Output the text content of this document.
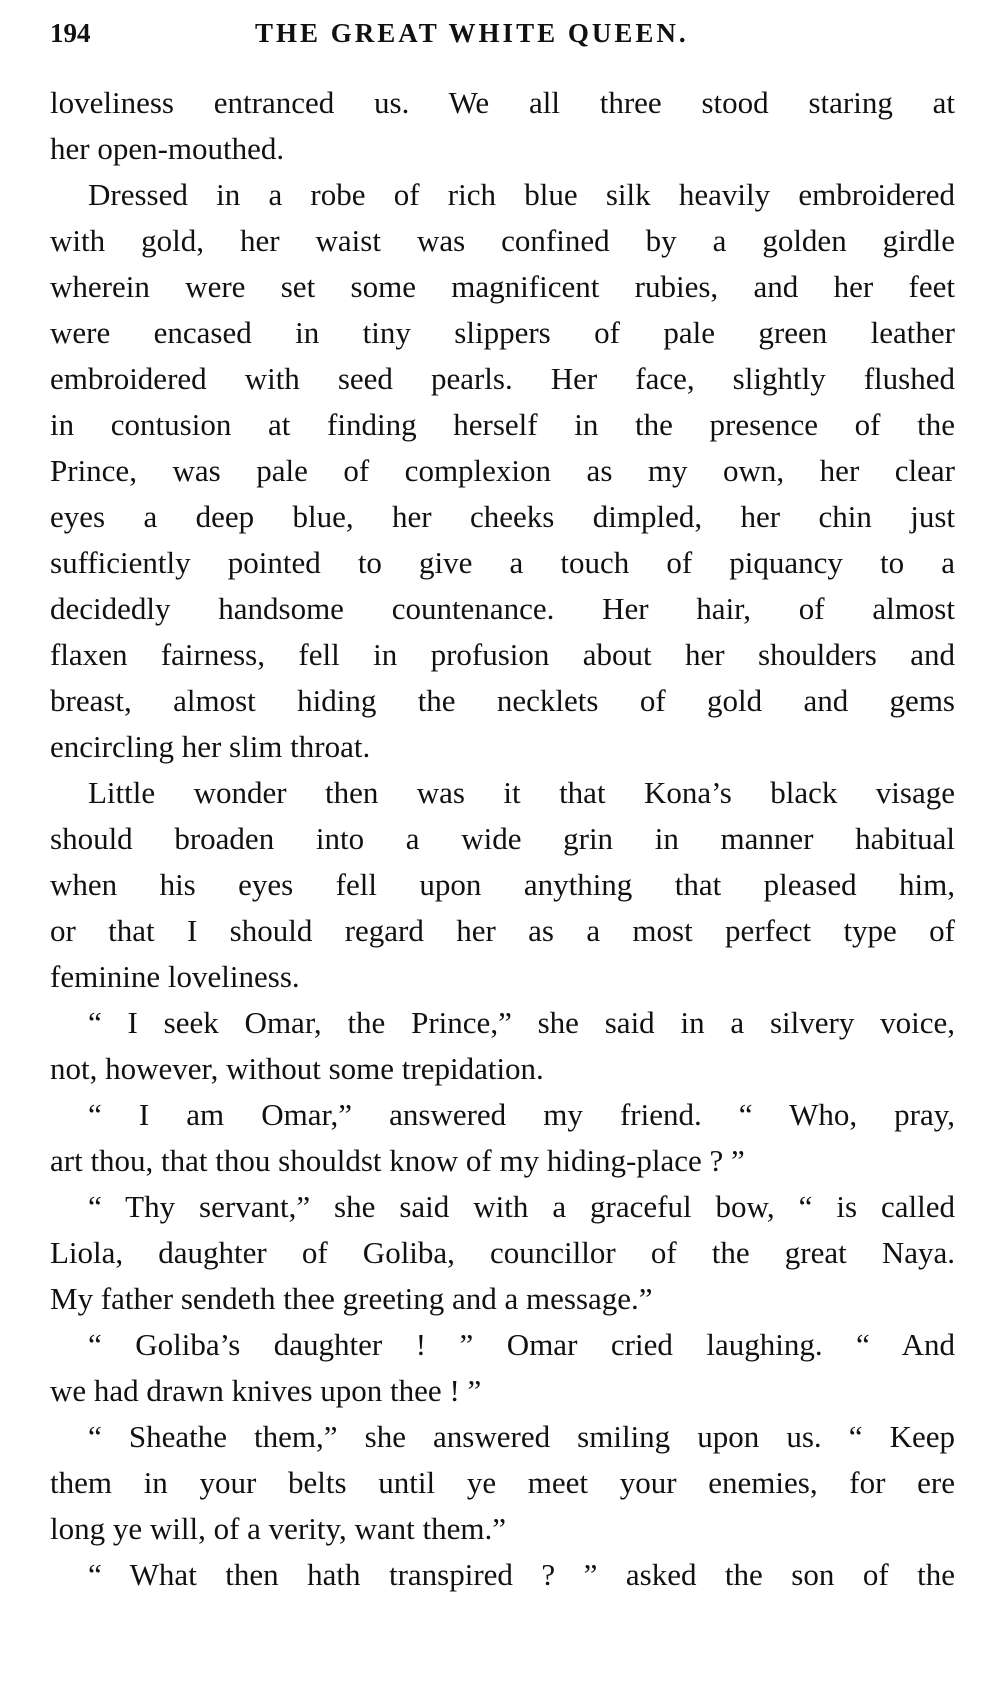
194	THE GREAT WHITE QUEEN.
loveliness entranced us. We all three stood staring at
her open-mouthed.
Dressed in a robe of rich blue silk heavily embroidered
with gold, her waist was confined by a golden girdle
wherein were set some magnificent rubies, and her feet
were encased in tiny slippers of pale green leather
embroidered with seed pearls. Her face, slightly flushed
in contusion at finding herself in the presence of the
Prince, was pale of complexion as my own, her clear
eyes a deep blue, her cheeks dimpled, her chin just
sufficiently pointed to give a touch of piquancy to a
decidedly handsome countenance. Her hair, of almost
flaxen fairness, fell in profusion about her shoulders and
breast, almost hiding the necklets of gold and gems
encircling her slim throat.
Little wonder then was it that Kona’s black visage
should broaden into a wide grin in manner habitual
when his eyes fell upon anything that pleased him,
or that I should regard her as a most perfect type of
feminine loveliness.
“ I seek Omar, the Prince,” she said in a silvery voice,
not, however, without some trepidation.
“ I am Omar,” answered my friend. “ Who, pray,
art thou, that thou shouldst know of my hiding-place ? ”
“ Thy servant,” she said with a graceful bow, “ is called
Liola, daughter of Goliba, councillor of the great Naya.
My father sendeth thee greeting and a message.”
“ Goliba’s daughter ! ” Omar cried laughing. “ And
we had drawn knives upon thee ! ”
“ Sheathe them,” she answered smiling upon us. “ Keep
them in your belts until ye meet your enemies, for ere
long ye will, of a verity, want them.”
“ What then hath transpired ? ” asked the son of the
